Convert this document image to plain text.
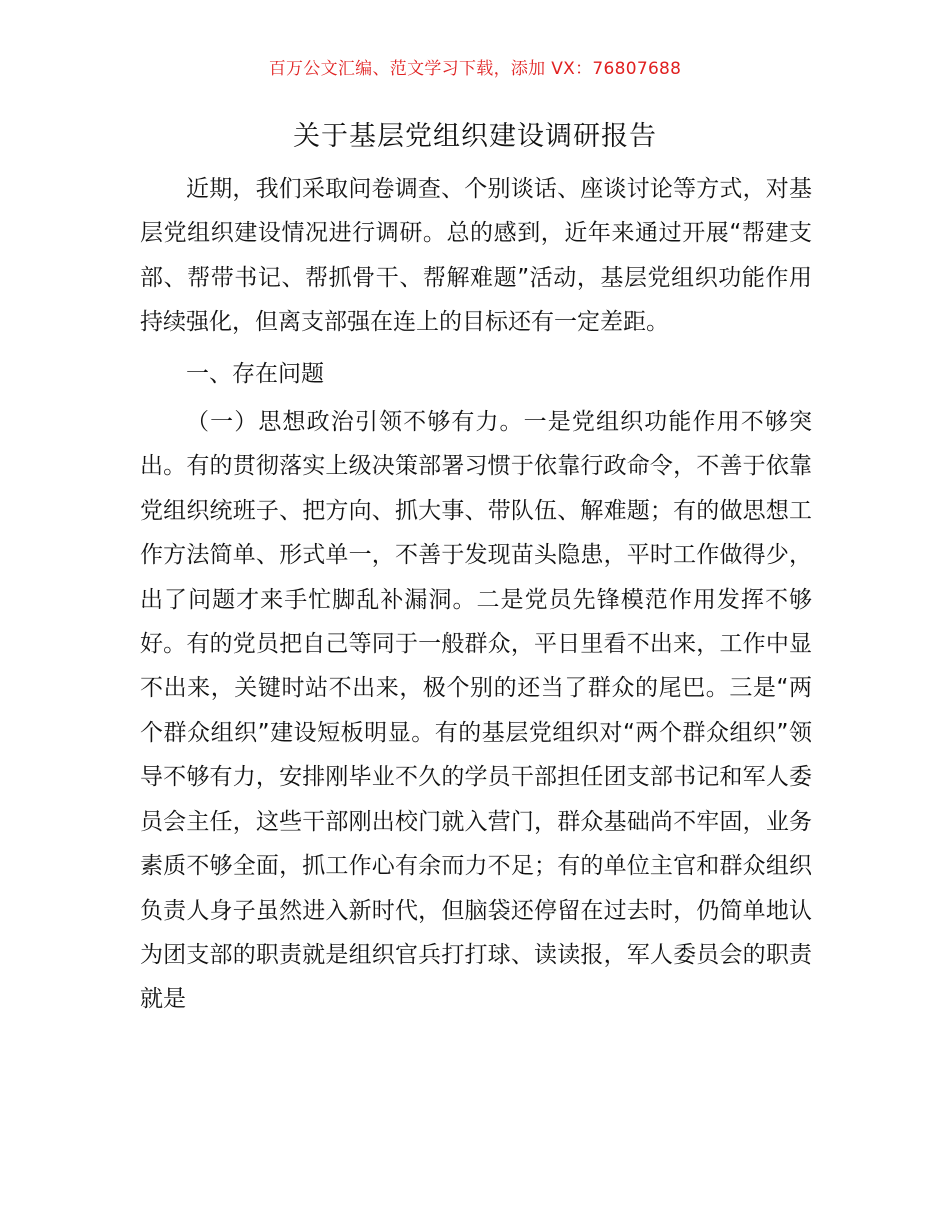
百万公文汇编、范文学习下载，添加 VX：76807688
关于基层党组织建设调研报告

近期，我们采取问卷调查、个别谈话、座谈讨论等方式，对基层党组织建设情况进行调研。总的感到，近年来通过开展“帮建支部、帮带书记、帮抓骨干、帮解难题”活动，基层党组织功能作用持续强化，但离支部强在连上的目标还有一定差距。

一、存在问题

（一）思想政治引领不够有力。一是党组织功能作用不够突出。有的贯彻落实上级决策部署习惯于依靠行政命令，不善于依靠党组织统班子、把方向、抓大事、带队伍、解难题；有的做思想工作方法简单、形式单一，不善于发现苗头隐患，平时工作做得少，出了问题才来手忙脚乱补漏洞。二是党员先锋模范作用发挥不够好。有的党员把自己等同于一般群众，平日里看不出来，工作中显不出来，关键时站不出来，极个别的还当了群众的尾巴。三是“两个群众组织”建设短板明显。有的基层党组织对“两个群众组织”领导不够有力，安排刚毕业不久的学员干部担任团支部书记和军人委员会主任，这些干部刚出校门就入营门，群众基础尚不牢固，业务素质不够全面，抓工作心有余而力不足；有的单位主官和群众组织负责人身子虽然进入新时代，但脑袋还停留在过去时，仍简单地认为团支部的职责就是组织官兵打打球、读读报，军人委员会的职责就是
